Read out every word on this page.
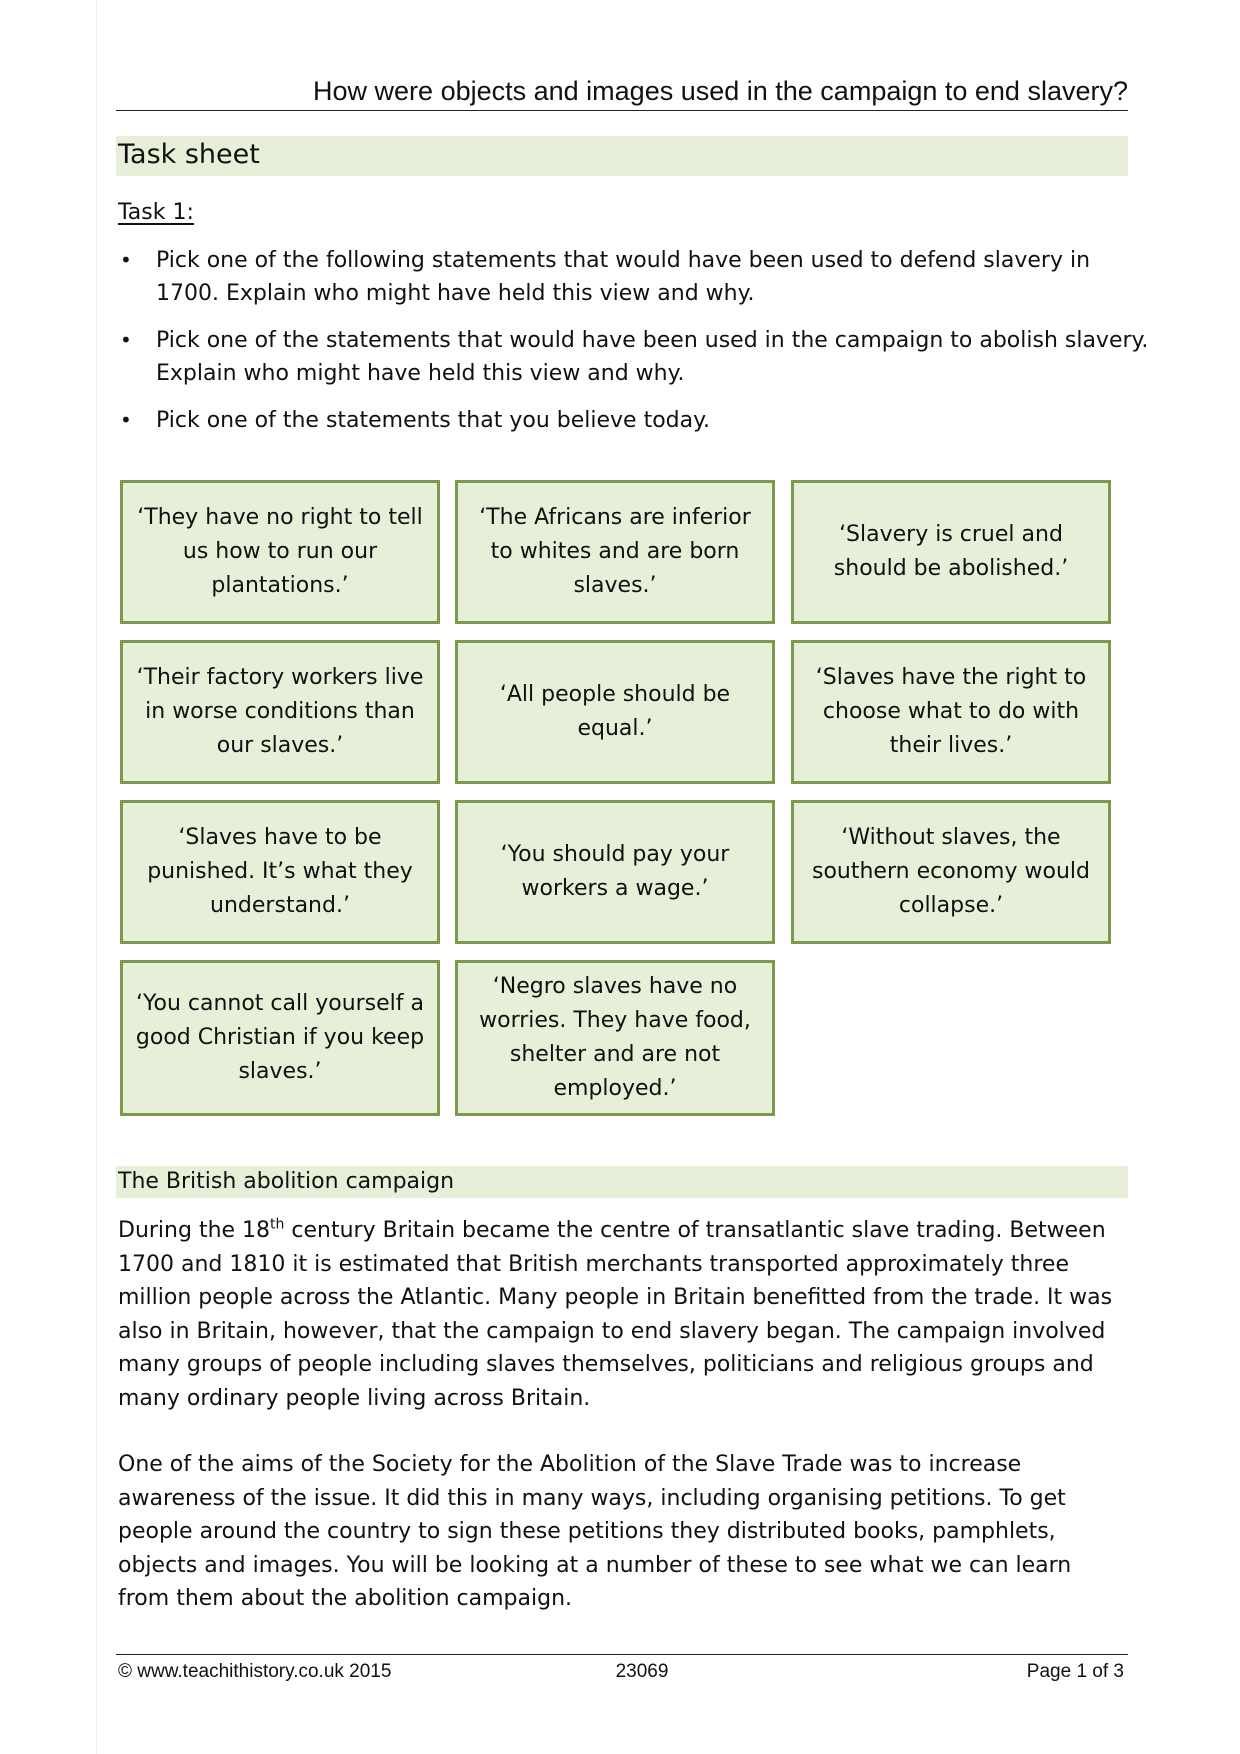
How were objects and images used in the campaign to end slavery?
Task sheet
Task 1:
• Pick one of the following statements that would have been used to defend slavery in 1700. Explain who might have held this view and why.
• Pick one of the statements that would have been used in the campaign to abolish slavery. Explain who might have held this view and why.
• Pick one of the statements that you believe today.
‘They have no right to tell us how to run our plantations.’
‘The Africans are inferior to whites and are born slaves.’
‘Slavery is cruel and should be abolished.’
‘Their factory workers live in worse conditions than our slaves.’
‘All people should be equal.’
‘Slaves have the right to choose what to do with their lives.’
‘Slaves have to be punished. It’s what they understand.’
‘You should pay your workers a wage.’
‘Without slaves, the southern economy would collapse.’
‘You cannot call yourself a good Christian if you keep slaves.’
‘Negro slaves have no worries. They have food, shelter and are not employed.’
The British abolition campaign
During the 18th century Britain became the centre of transatlantic slave trading. Between 1700 and 1810 it is estimated that British merchants transported approximately three million people across the Atlantic. Many people in Britain benefitted from the trade. It was also in Britain, however, that the campaign to end slavery began. The campaign involved many groups of people including slaves themselves, politicians and religious groups and many ordinary people living across Britain.
One of the aims of the Society for the Abolition of the Slave Trade was to increase awareness of the issue. It did this in many ways, including organising petitions. To get people around the country to sign these petitions they distributed books, pamphlets, objects and images. You will be looking at a number of these to see what we can learn from them about the abolition campaign.
© www.teachithistory.co.uk 2015	23069	Page 1 of 3
